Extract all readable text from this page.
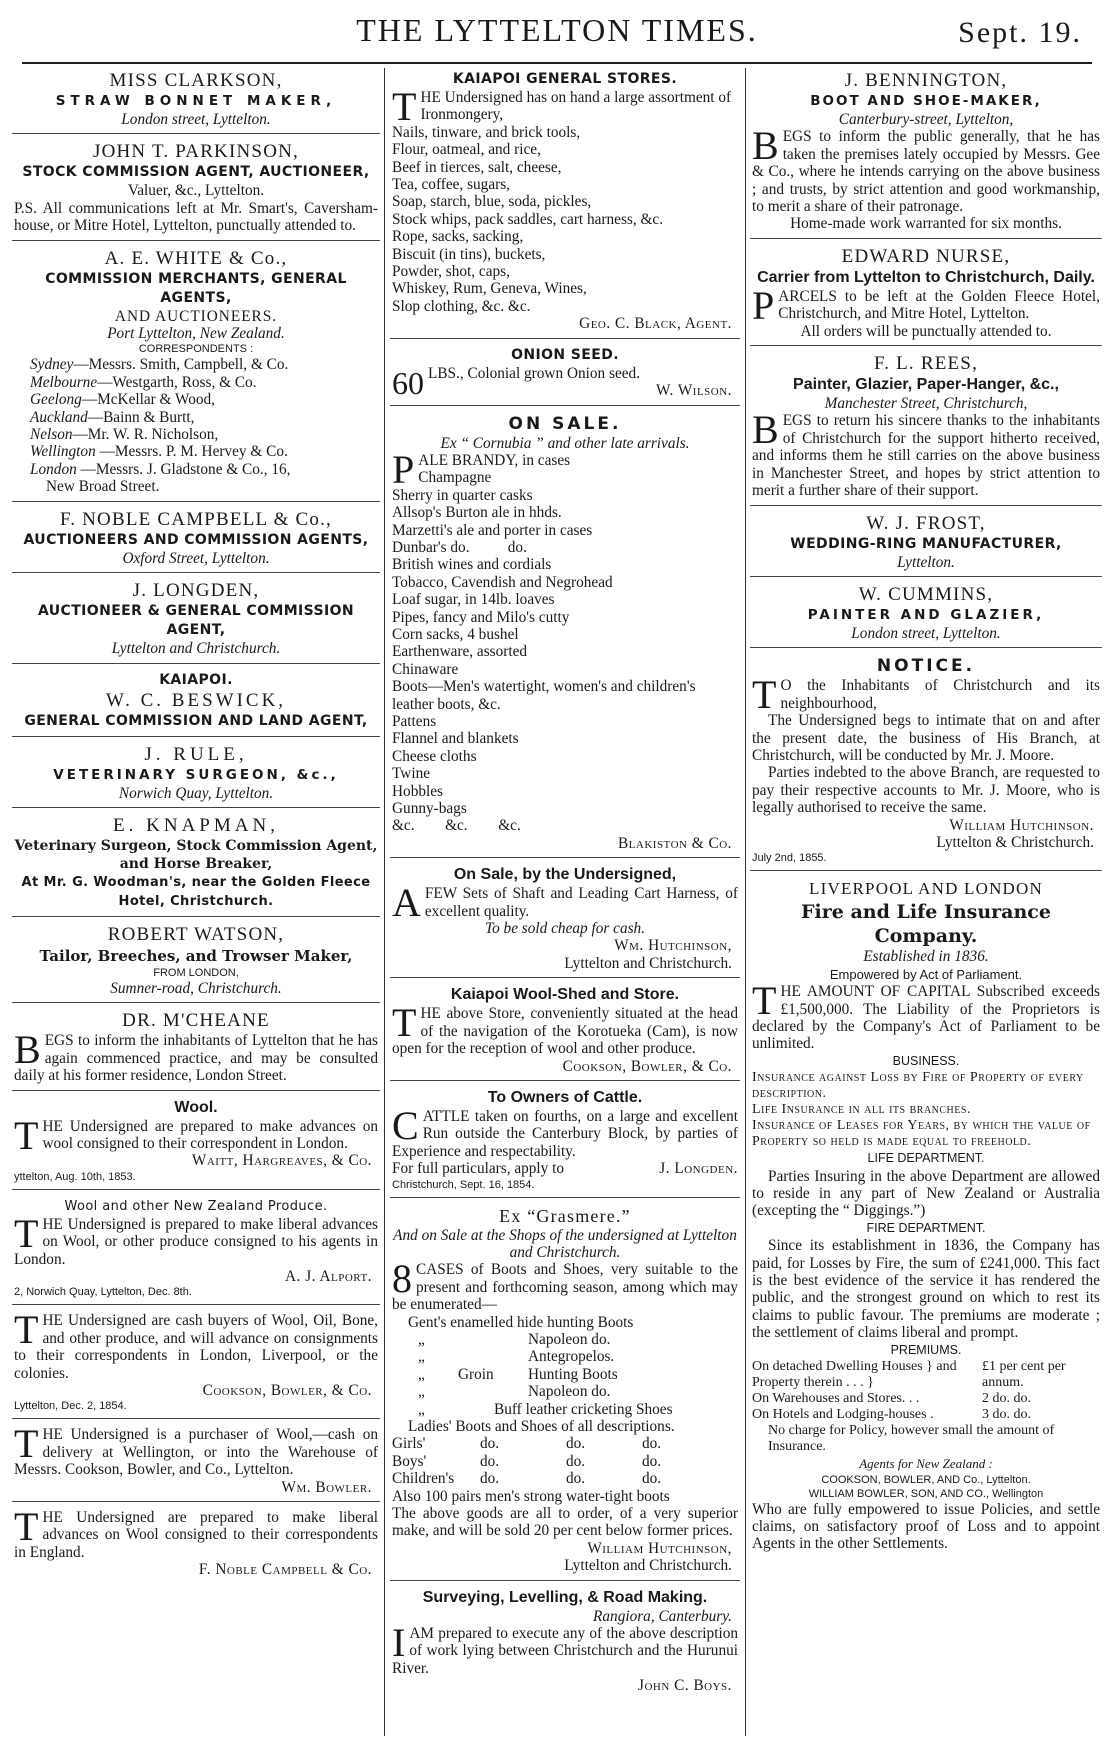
THE LYTTELTON TIMES.	Sept. 19.
MISS CLARKSON,
STRAW BONNET MAKER,
London street, Lyttelton.
JOHN T. PARKINSON,
STOCK COMMISSION AGENT, AUCTIONEER,
Valuer, &c., Lyttelton.
P.S. All communications left at Mr. Smart's, Caversham-house, or Mitre Hotel, Lyttelton, punctually attended to.
A. E. WHITE & Co.,
COMMISSION MERCHANTS, GENERAL AGENTS,
AND AUCTIONEERS.
Port Lyttelton, New Zealand.
CORRESPONDENTS :
Sydney—Messrs. Smith, Campbell, & Co.
Melbourne—Westgarth, Ross, & Co.
Geelong—McKellar & Wood,
Auckland—Bainn & Burtt,
Nelson—Mr. W. R. Nicholson,
Wellington —Messrs. P. M. Hervey & Co.
London —Messrs. J. Gladstone & Co., 16,
New Broad Street.
F. NOBLE CAMPBELL & Co.,
AUCTIONEERS AND COMMISSION AGENTS,
Oxford Street, Lyttelton.
J. LONGDEN,
AUCTIONEER & GENERAL COMMISSION AGENT,
Lyttelton and Christchurch.
KAIAPOI.
W. C. BESWICK,
GENERAL COMMISSION AND LAND AGENT,
J. RULE,
VETERINARY SURGEON, &c.,
Norwich Quay, Lyttelton.
E. KNAPMAN,
Veterinary Surgeon, Stock Commission Agent, and Horse Breaker,
At Mr. G. Woodman's, near the Golden Fleece Hotel, Christchurch.
ROBERT WATSON,
Tailor, Breeches, and Trowser Maker,
FROM LONDON,
Sumner-road, Christchurch.
DR. M'CHEANE
BEGS to inform the inhabitants of Lyttelton that he has again commenced practice, and may be consulted daily at his former residence, London Street.
Wool.
THE Undersigned are prepared to make advances on wool consigned to their correspondent in London.
Waitt, Hargreaves, & Co.
yttelton, Aug. 10th, 1853.
Wool and other New Zealand Produce.
THE Undersigned is prepared to make liberal advances on Wool, or other produce consigned to his agents in London.
A. J. Alport.
2, Norwich Quay, Lyttelton, Dec. 8th.
THE Undersigned are cash buyers of Wool, Oil, Bone, and other produce, and will advance on consignments to their correspondents in London, Liverpool, or the colonies.
Cookson, Bowler, & Co.
Lyttelton, Dec. 2, 1854.
THE Undersigned is a purchaser of Wool,—cash on delivery at Wellington, or into the Warehouse of Messrs. Cookson, Bowler, and Co., Lyttelton.
Wm. Bowler.
THE Undersigned are prepared to make liberal advances on Wool consigned to their correspondents in England.
F. Noble Campbell & Co.
KAIAPOI GENERAL STORES.
THE Undersigned has on hand a large assortment of
Ironmongery,
Nails, tinware, and brick tools,
Flour, oatmeal, and rice,
Beef in tierces, salt, cheese,
Tea, coffee, sugars,
Soap, starch, blue, soda, pickles,
Stock whips, pack saddles, cart harness, &c.
Rope, sacks, sacking,
Biscuit (in tins), buckets,
Powder, shot, caps,
Whiskey, Rum, Geneva, Wines,
Slop clothing, &c. &c.
Geo. C. Black, Agent.
ONION SEED.
60 LBS., Colonial grown Onion seed.
W. Wilson.
ON SALE.
Ex “ Cornubia ” and other late arrivals.
PALE BRANDY, in cases
Champagne
Sherry in quarter casks
Allsop's Burton ale in hhds.
Marzetti's ale and porter in cases
Dunbar's do.          do.
British wines and cordials
Tobacco, Cavendish and Negrohead
Loaf sugar, in 14lb. loaves
Pipes, fancy and Milo's cutty
Corn sacks, 4 bushel
Earthenware, assorted
Chinaware
Boots—Men's watertight, women's and children's leather boots, &c.
Pattens
Flannel and blankets
Cheese cloths
Twine
Hobbles
Gunny-bags
&c.        &c.        &c.
Blakiston & Co.
On Sale, by the Undersigned,
AFEW Sets of Shaft and Leading Cart Harness, of excellent quality.
To be sold cheap for cash.
Wm. Hutchinson,
Lyttelton and Christchurch.
Kaiapoi Wool-Shed and Store.
THE above Store, conveniently situated at the head of the navigation of the Korotueka (Cam), is now open for the reception of wool and other produce.
Cookson, Bowler, & Co.
To Owners of Cattle.
CATTLE taken on fourths, on a large and excellent Run outside the Canterbury Block, by parties of Experience and respectability.
For full particulars, apply to	J. Longden.
Christchurch, Sept. 16, 1854.
Ex “Grasmere.”
And on Sale at the Shops of the undersigned at Lyttelton and Christchurch.
8 CASES of Boots and Shoes, very suitable to the present and forthcoming season, among which may be enumerated—
Gent's enamelled hide hunting Boots
„	Napoleon do.
„	Antegropelos.
„	Groin	Hunting Boots
„	Napoleon do.
„	Buff leather cricketing Shoes
Ladies' Boots and Shoes of all descriptions.
Girls'	do.	do.	do.
Boys'	do.	do.	do.
Children's	do.	do.	do.
Also 100 pairs men's strong water-tight boots
The above goods are all to order, of a very superior make, and will be sold 20 per cent below former prices.
William Hutchinson,
Lyttelton and Christchurch.
Surveying, Levelling, & Road Making.
Rangiora, Canterbury.
IAM prepared to execute any of the above description of work lying between Christchurch and the Hurunui River.
John C. Boys.
J. BENNINGTON,
BOOT AND SHOE-MAKER,
Canterbury-street, Lyttelton,
BEGS to inform the public generally, that he has taken the premises lately occupied by Messrs. Gee & Co., where he intends carrying on the above business ; and trusts, by strict attention and good workmanship, to merit a share of their patronage.
Home-made work warranted for six months.
EDWARD NURSE,
Carrier from Lyttelton to Christchurch, Daily.
PARCELS to be left at the Golden Fleece Hotel, Christchurch, and Mitre Hotel, Lyttelton.
All orders will be punctually attended to.
F. L. REES,
Painter, Glazier, Paper-Hanger, &c.,
Manchester Street, Christchurch,
BEGS to return his sincere thanks to the inhabitants of Christchurch for the support hitherto received, and informs them he still carries on the above business in Manchester Street, and hopes by strict attention to merit a further share of their support.
W. J. FROST,
WEDDING-RING MANUFACTURER,
Lyttelton.
W. CUMMINS,
PAINTER AND GLAZIER,
London street, Lyttelton.
NOTICE.
T O the Inhabitants of Christchurch and its neighbourhood,
The Undersigned begs to intimate that on and after the present date, the business of His Branch, at Christchurch, will be conducted by Mr. J. Moore.
Parties indebted to the above Branch, are requested to pay their respective accounts to Mr. J. Moore, who is legally authorised to receive the same.
William Hutchinson.
Lyttelton & Christchurch.
July 2nd, 1855.
LIVERPOOL AND LONDON
Fire and Life Insurance Company.
Established in 1836.
Empowered by Act of Parliament.
THE AMOUNT OF CAPITAL Subscribed exceeds £1,500,000. The Liability of the Proprietors is declared by the Company's Act of Parliament to be unlimited.
BUSINESS.
Insurance against Loss by Fire of Property of every description.
Life Insurance in all its branches.
Insurance of Leases for Years, by which the value of Property so held is made equal to freehold.
LIFE DEPARTMENT.
Parties Insuring in the above Department are allowed to reside in any part of New Zealand or Australia (excepting the “ Diggings.”)
FIRE DEPARTMENT.
Since its establishment in 1836, the Company has paid, for Losses by Fire, the sum of £241,000. This fact is the best evidence of the service it has rendered the public, and the strongest ground on which to rest its claims to public favour. The premiums are moderate ; the settlement of claims liberal and prompt.
PREMIUMS.
On detached Dwelling Houses } and Property therein . . . }
£1 per cent per annum.
On Warehouses and Stores. . .	2 do. do.
On Hotels and Lodging-houses .	3 do. do.
No charge for Policy, however small the amount of Insurance.
Agents for New Zealand :
COOKSON, BOWLER, AND Co., Lyttelton.
WILLIAM BOWLER, SON, AND CO., Wellington
Who are fully empowered to issue Policies, and settle claims, on satisfactory proof of Loss and to appoint Agents in the other Settlements.
